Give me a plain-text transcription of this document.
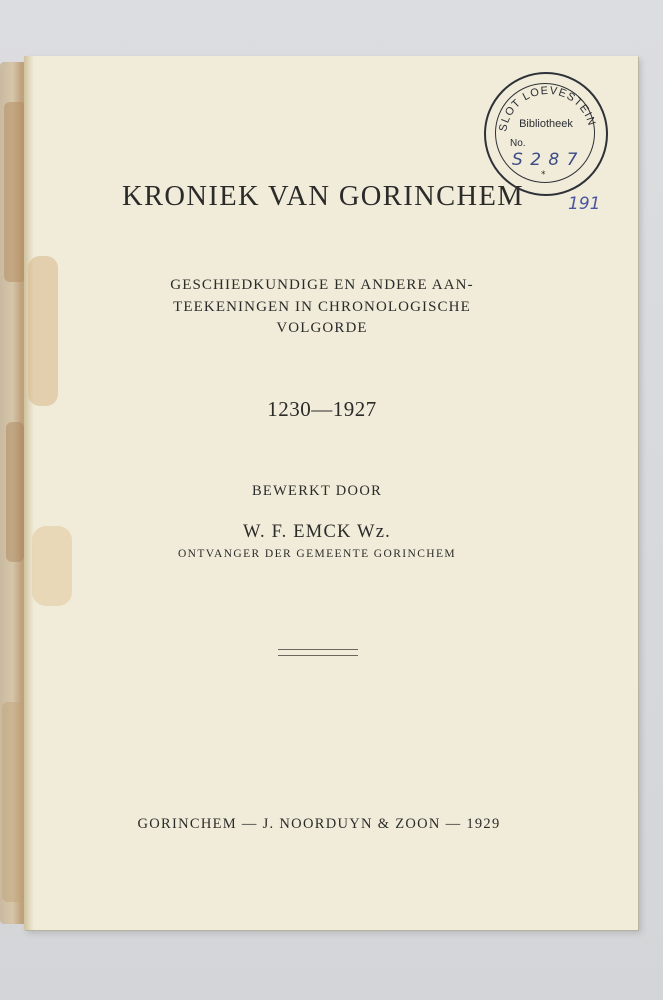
KRONIEK VAN GORINCHEM
GESCHIEDKUNDIGE EN ANDERE AAN-
TEEKENINGEN IN CHRONOLOGISCHE
VOLGORDE
1230—1927
BEWERKT DOOR
W. F. EMCK Wz.
ONTVANGER DER GEMEENTE GORINCHEM
GORINCHEM — J. NOORDUYN & ZOON — 1929
SLOT LOEVESTEIN
Bibliotheek
No.
S 2 8 7
*
191
